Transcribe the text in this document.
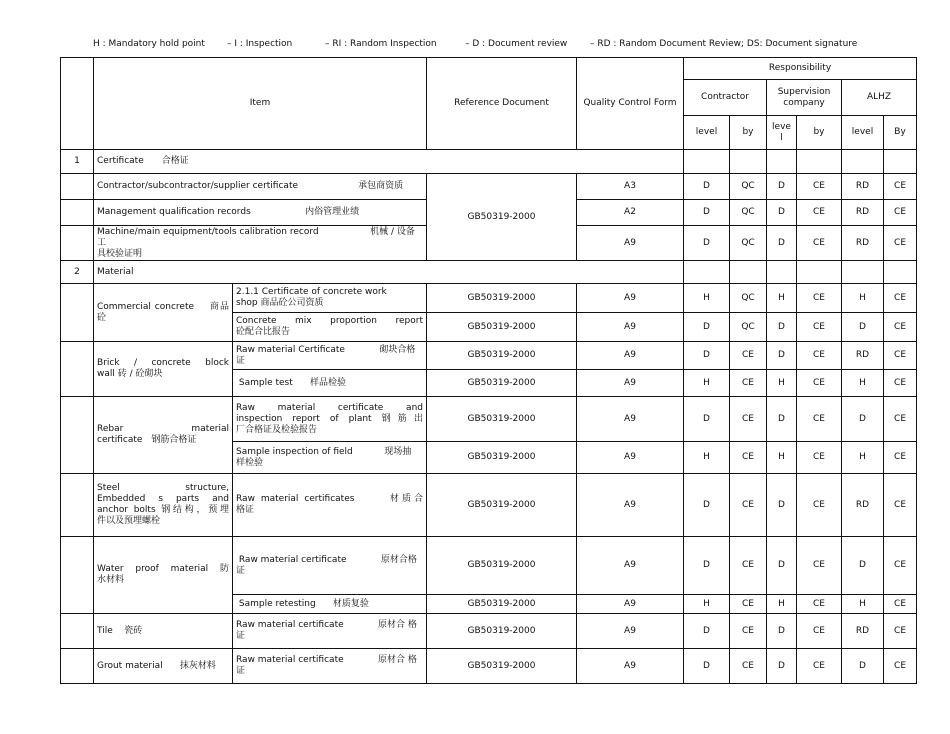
H : Mandatory hold point – I : Inspection	– RI : Random Inspection	– D : Document review	– RD : Random Document Review; DS: Document signature
	Item		Reference Document	Quality Control Form	Responsibility					
					Contractor		Supervision company		ALHZ	
					level	by	leve l	by	level	By
1	Certificate　　合格证									
	Contractor/subcontractor/supplier certificate 承包商资质		GB50319-2000	A3	D	QC	D	CE	RD	CE
	Management qualification records 内俗管理业绩			A2	D	QC	D	CE	RD	CE
	Machine/main equipment/tools calibration record 机械 / 设备工
具校验证明			A9	D	QC	D	CE	RD	CE
2	Material									
	Commercial concrete 商品
砼	2.1.1 Certificate of concrete work
shop 商品砼公司资质	GB50319-2000	A9	H	QC	H	CE	H	CE
		Concrete mix proportion report
砼配合比报告	GB50319-2000	A9	D	QC	D	CE	D	CE
	Brick / concrete block
wall 砖 / 砼砌块	Raw material Certificate 砌块合格
证	GB50319-2000	A9	D	CE	D	CE	RD	CE
		Sample test 样品检验	GB50319-2000	A9	H	CE	H	CE	H	CE
	Rebar material
certificate　钢筋合格证	Raw material certificate and
inspection report of plant 钢筋出
厂合格证及检验报告	GB50319-2000	A9	D	CE	D	CE	D	CE
		Sample inspection of field 现场抽
样检验	GB50319-2000	A9	H	CE	H	CE	H	CE

	Steel structure,
Embedded s parts and
anchor bolts 钢结构，预埋
件以及预埋螺栓	Raw material certificates 材质合
格证	GB50319-2000	A9	D	CE	D	CE	RD	CE
	Water proof material 防
水材料	Raw material certificate 原材合格
证	GB50319-2000	A9	D	CE	D	CE	D	CE
		Sample retesting 材质复验	GB50319-2000	A9	H	CE	H	CE	H	CE
	Tile 瓷砖	Raw material certificate 原材合 格
证	GB50319-2000	A9	D	CE	D	CE	RD	CE
	Grout material 抹灰材料	Raw material certificate 原材合 格
证	GB50319-2000	A9	D	CE	D	CE	D	CE
